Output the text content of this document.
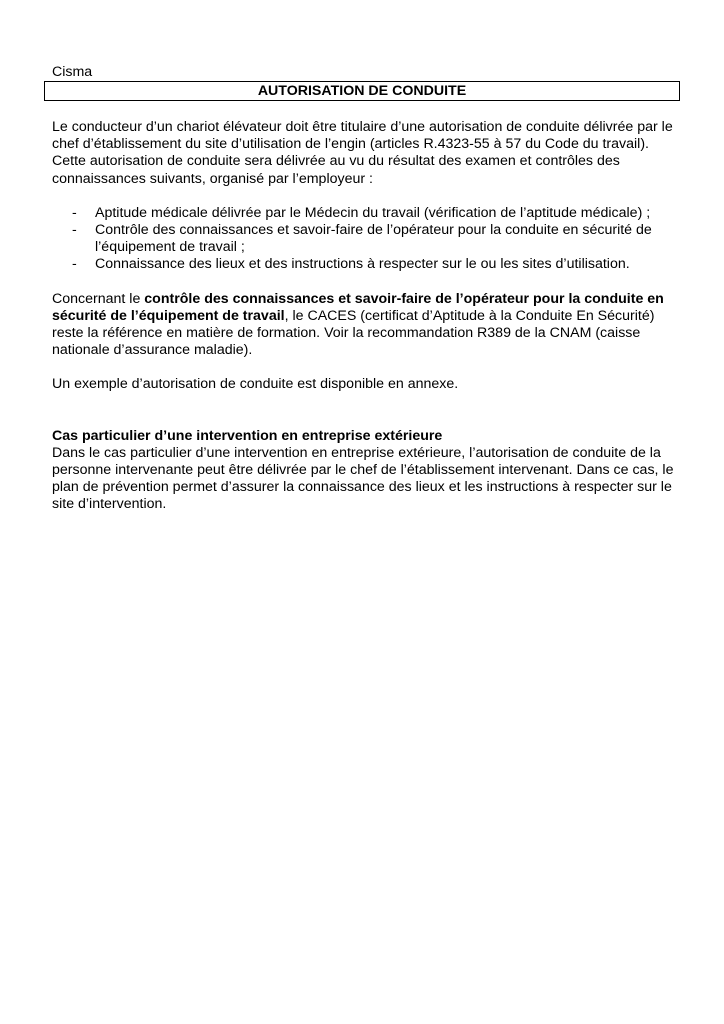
Cisma

AUTORISATION DE CONDUITE

Le conducteur d’un chariot élévateur doit être titulaire d’une autorisation de conduite délivrée par le chef d’établissement du site d’utilisation de l’engin (articles R.4323-55 à 57 du Code du travail).

Cette autorisation de conduite sera délivrée au vu du résultat des examen et contrôles des connaissances suivants, organisé par l’employeur :

- Aptitude médicale délivrée par le Médecin du travail (vérification de l’aptitude médicale) ;
- Contrôle des connaissances et savoir-faire de l’opérateur pour la conduite en sécurité de l’équipement de travail ;
- Connaissance des lieux et des instructions à respecter sur le ou les sites d’utilisation.

Concernant le contrôle des connaissances et savoir-faire de l’opérateur pour la conduite en sécurité de l’équipement de travail, le CACES (certificat d’Aptitude à la Conduite En Sécurité) reste la référence en matière de formation. Voir la recommandation R389 de la CNAM (caisse nationale d’assurance maladie).

Un exemple d’autorisation de conduite est disponible en annexe.

Cas particulier d’une intervention en entreprise extérieure

Dans le cas particulier d’une intervention en entreprise extérieure, l’autorisation de conduite de la personne intervenante peut être délivrée par le chef de l’établissement intervenant. Dans ce cas, le plan de prévention permet d’assurer la connaissance des lieux et les instructions à respecter sur le site d’intervention.
